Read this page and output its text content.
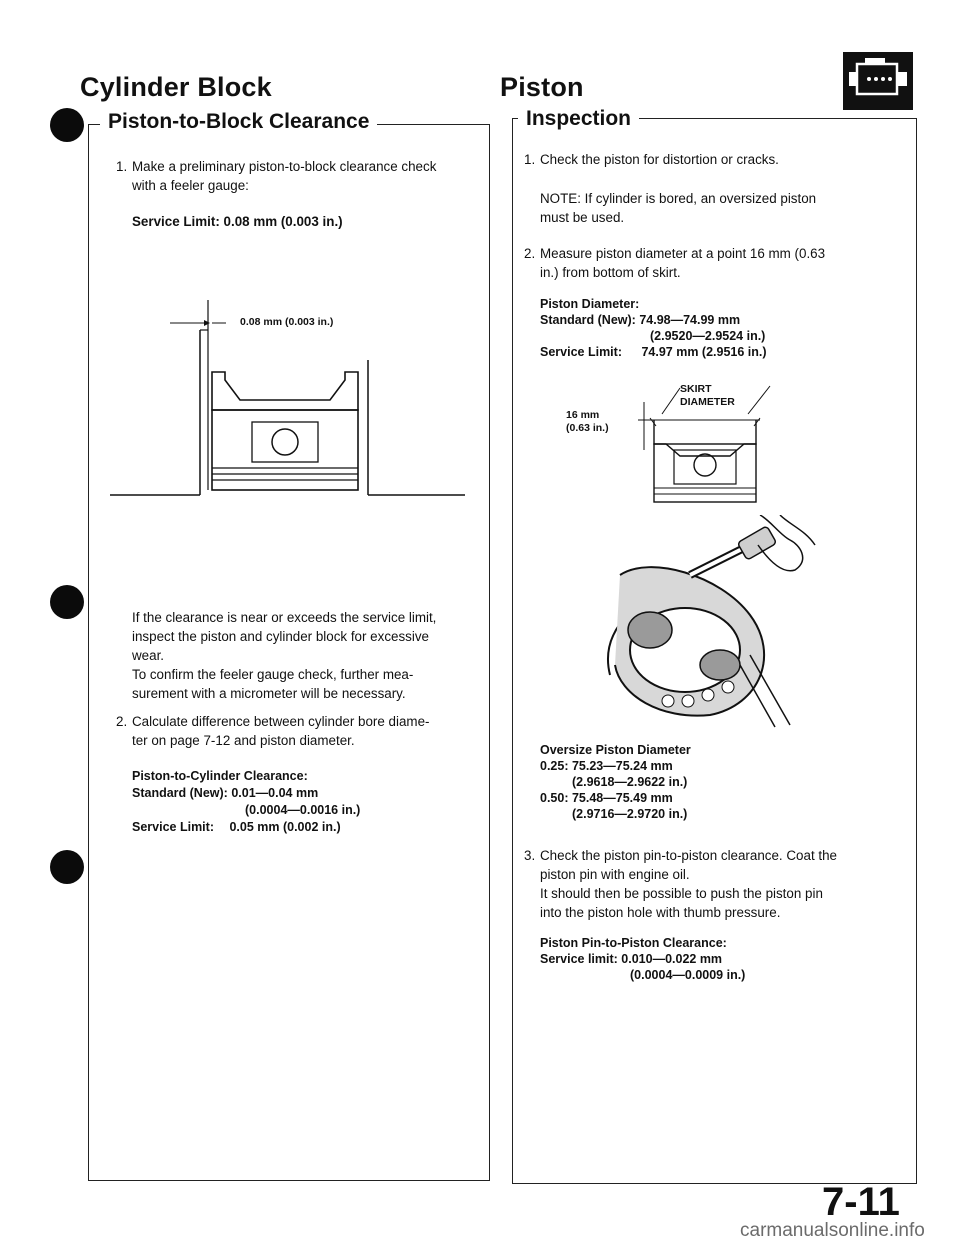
Cylinder Block
Piston-to-Block Clearance
1. Make a preliminary piston-to-block clearance check
with a feeler gauge:
Service Limit: 0.08 mm (0.003 in.)
0.08 mm (0.003 in.)
If the clearance is near or exceeds the service limit,
inspect the piston and cylinder block for excessive
wear.
To confirm the feeler gauge check, further mea-
surement with a micrometer will be necessary.
2. Calculate difference between cylinder bore diame-
ter on page 7-12 and piston diameter.
Piston-to-Cylinder Clearance:
Standard (New): 0.01—0.04 mm
(0.0004—0.0016 in.)
Service Limit: 0.05 mm (0.002 in.)
Piston
Inspection
1. Check the piston for distortion or cracks.
NOTE: If cylinder is bored, an oversized piston
must be used.
2. Measure piston diameter at a point 16 mm (0.63
in.) from bottom of skirt.
Piston Diameter:
Standard (New): 74.98—74.99 mm
(2.9520—2.9524 in.)
Service Limit: 74.97 mm (2.9516 in.)
SKIRT
DIAMETER
16 mm
(0.63 in.)
Oversize Piston Diameter
0.25: 75.23—75.24 mm
(2.9618—2.9622 in.)
0.50: 75.48—75.49 mm
(2.9716—2.9720 in.)
3. Check the piston pin-to-piston clearance. Coat the
piston pin with engine oil.
It should then be possible to push the piston pin
into the piston hole with thumb pressure.
Piston Pin-to-Piston Clearance:
Service limit: 0.010—0.022 mm
(0.0004—0.0009 in.)
7-11
carmanualsonline.info
